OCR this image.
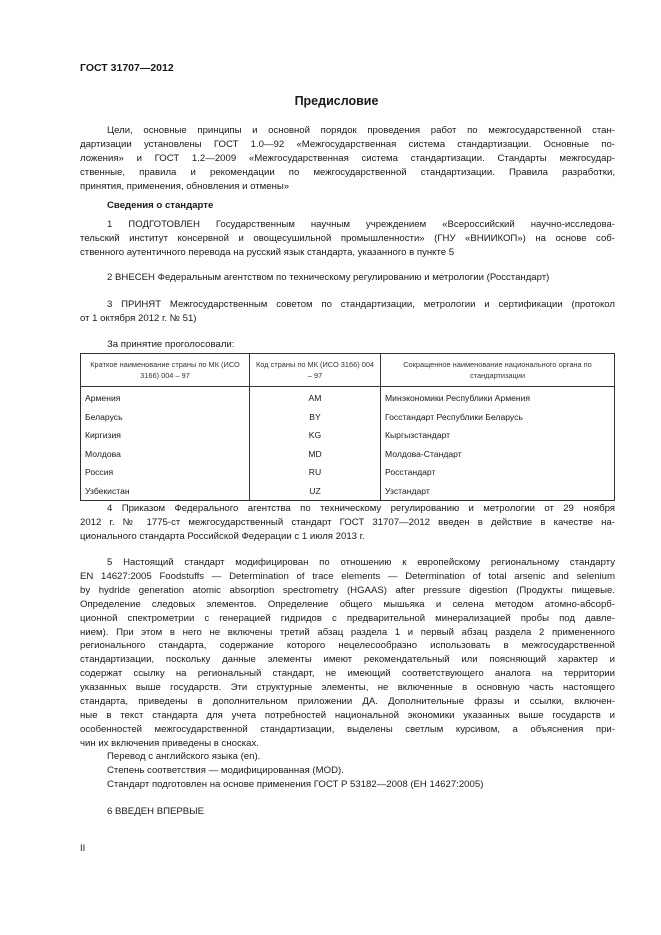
ГОСТ 31707—2012
Предисловие
Цели, основные принципы и основной порядок проведения работ по межгосударственной стан-
дартизации установлены ГОСТ 1.0—92 «Межгосударственная система стандартизации. Основные по-
ложения» и ГОСТ 1.2—2009 «Межгосударственная система стандартизации. Стандарты межгосудар-
ственные, правила и рекомендации по межгосударственной стандартизации. Правила разработки,
принятия, применения, обновления и отмены»
Сведения о стандарте
1 ПОДГОТОВЛЕН Государственным научным учреждением «Всероссийский научно-исследова-
тельский институт консервной и овощесушильной промышленности» (ГНУ «ВНИИКОП») на основе соб-
ственного аутентичного перевода на русский язык стандарта, указанного в пункте 5
2 ВНЕСЕН Федеральным агентством по техническому регулированию и метрологии (Росстандарт)
3 ПРИНЯТ Межгосударственным советом по стандартизации, метрологии и сертификации (протокол
от 1 октября 2012 г. № 51)
За принятие проголосовали:
Краткое наименование страны по МК (ИСО 3166) 004 – 97	Код страны по МК (ИСО 3166) 004 – 97	Сокращенное наименование национального органа по стандартизации
Армения	AM	Минэкономики Республики Армения
Беларусь	BY	Госстандарт Республики Беларусь
Киргизия	KG	Кыргызстандарт
Молдова	MD	Молдова-Стандарт
Россия	RU	Росстандарт
Узбекистан	UZ	Узстандарт
4 Приказом Федерального агентства по техническому регулированию и метрологии от 29 ноября
2012 г. № 1775-ст межгосударственный стандарт ГОСТ 31707—2012 введен в действие в качестве на-
ционального стандарта Российской Федерации с 1 июля 2013 г.
5 Настоящий стандарт модифицирован по отношению к европейскому региональному стандарту
EN 14627:2005 Foodstuffs — Determination of trace elements — Determination of total arsenic and selenium
by hydride generation atomic absorption spectrometry (HGAAS) after pressure digestion (Продукты пищевые.
Определение следовых элементов. Определение общего мышьяка и селена методом атомно-абсорб-
ционной спектрометрии с генерацией гидридов с предварительной минерализацией пробы под давле-
нием). При этом в него не включены третий абзац раздела 1 и первый абзац раздела 2 примененного
регионального стандарта, содержание которого нецелесообразно использовать в межгосударственной
стандартизации, поскольку данные элементы имеют рекомендательный или поясняющий характер и
содержат ссылку на региональный стандарт, не имеющий соответствующего аналога на территории
указанных выше государств. Эти структурные элементы, не включенные в основную часть настоящего
стандарта, приведены в дополнительном приложении ДА. Дополнительные фразы и ссылки, включен-
ные в текст стандарта для учета потребностей национальной экономики указанных выше государств и
особенностей межгосударственной стандартизации, выделены светлым курсивом, а объяснения при-
чин их включения приведены в сносках.
Перевод с английского языка (en).
Степень соответствия — модифицированная (MOD).
Стандарт подготовлен на основе применения ГОСТ Р 53182—2008 (ЕН 14627:2005)
6 ВВЕДЕН ВПЕРВЫЕ
II
